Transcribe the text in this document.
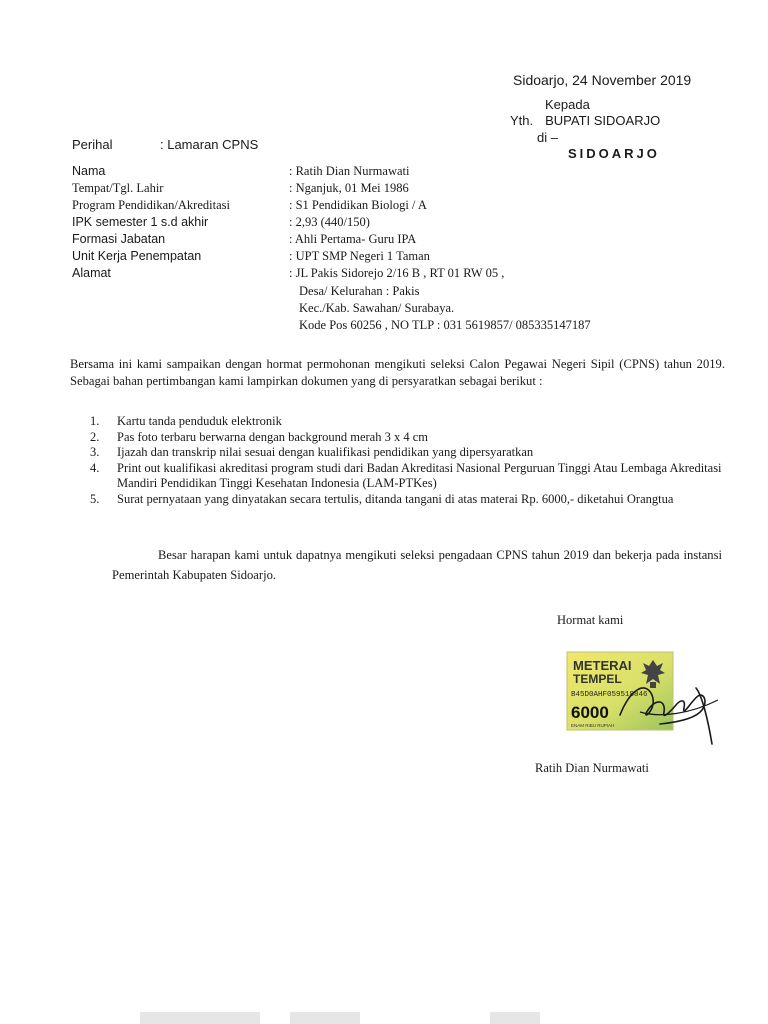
Sidoarjo, 24 November 2019
Kepada
Yth. BUPATI SIDOARJO
di –
SIDOARJO
Perihal	: Lamaran CPNS
Nama	: Ratih Dian Nurmawati
Tempat/Tgl. Lahir	: Nganjuk, 01 Mei 1986
Program Pendidikan/Akreditasi	: S1 Pendidikan Biologi / A
IPK semester 1 s.d akhir	: 2,93 (440/150)
Formasi Jabatan	: Ahli Pertama- Guru IPA
Unit Kerja Penempatan	: UPT SMP Negeri 1 Taman
Alamat	: JL Pakis Sidorejo 2/16 B , RT 01 RW 05 ,
Desa/ Kelurahan : Pakis
Kec./Kab. Sawahan/ Surabaya.
Kode Pos 60256 , NO TLP : 031 5619857/ 085335147187
Bersama ini kami sampaikan dengan hormat permohonan mengikuti seleksi Calon Pegawai Negeri Sipil (CPNS) tahun 2019. Sebagai bahan pertimbangan kami lampirkan dokumen yang di persyaratkan sebagai berikut :
1. Kartu tanda penduduk elektronik
2. Pas foto terbaru berwarna dengan background merah 3 x 4 cm
3. Ijazah dan transkrip nilai sesuai dengan kualifikasi pendidikan yang dipersyaratkan
4. Print out kualifikasi akreditasi program studi dari Badan Akreditasi Nasional Perguruan Tinggi Atau Lembaga Akreditasi Mandiri Pendidikan Tinggi Kesehatan Indonesia (LAM-PTKes)
5. Surat pernyataan yang dinyatakan secara tertulis, ditanda tangani di atas materai Rp. 6000,- diketahui Orangtua
Besar harapan kami untuk dapatnya mengikuti seleksi pengadaan CPNS tahun 2019 dan bekerja pada instansi Pemerintah Kabupaten Sidoarjo.
Hormat kami
METERAI
TEMPEL
B45D0AHF059518846
6000
ENAM RIBU RUPIAH
Ratih Dian Nurmawati
